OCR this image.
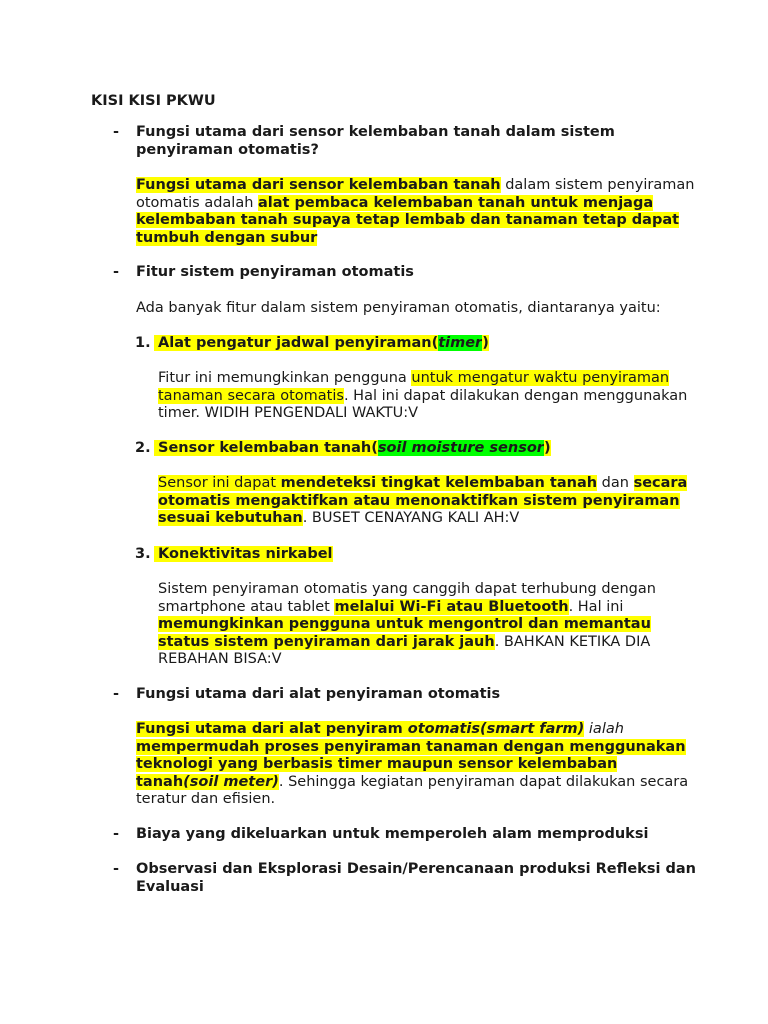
KISI KISI PKWU
- Fungsi utama dari sensor kelembaban tanah dalam sistem penyiraman otomatis?

Fungsi utama dari sensor kelembaban tanah dalam sistem penyiraman otomatis adalah alat pembaca kelembaban tanah untuk menjaga kelembaban tanah supaya tetap lembab dan tanaman tetap dapat tumbuh dengan subur

- Fitur sistem penyiraman otomatis

Ada banyak fitur dalam sistem penyiraman otomatis, diantaranya yaitu:

1. Alat pengatur jadwal penyiraman(timer)

Fitur ini memungkinkan pengguna untuk mengatur waktu penyiraman tanaman secara otomatis. Hal ini dapat dilakukan dengan menggunakan timer. WIDIH PENGENDALI WAKTU:V

2. Sensor kelembaban tanah(soil moisture sensor)

Sensor ini dapat mendeteksi tingkat kelembaban tanah dan secara otomatis mengaktifkan atau menonaktifkan sistem penyiraman sesuai kebutuhan. BUSET CENAYANG KALI AH:V

3. Konektivitas nirkabel

Sistem penyiraman otomatis yang canggih dapat terhubung dengan smartphone atau tablet melalui Wi-Fi atau Bluetooth. Hal ini memungkinkan pengguna untuk mengontrol dan memantau status sistem penyiraman dari jarak jauh. BAHKAN KETIKA DIA REBAHAN BISA:V

- Fungsi utama dari alat penyiraman otomatis

Fungsi utama dari alat penyiram otomatis(smart farm) ialah mempermudah proses penyiraman tanaman dengan menggunakan teknologi yang berbasis timer maupun sensor kelembaban tanah(soil meter). Sehingga kegiatan penyiraman dapat dilakukan secara teratur dan efisien.

- Biaya yang dikeluarkan untuk memperoleh alam memproduksi

- Observasi dan Eksplorasi Desain/Perencanaan produksi Refleksi dan Evaluasi
